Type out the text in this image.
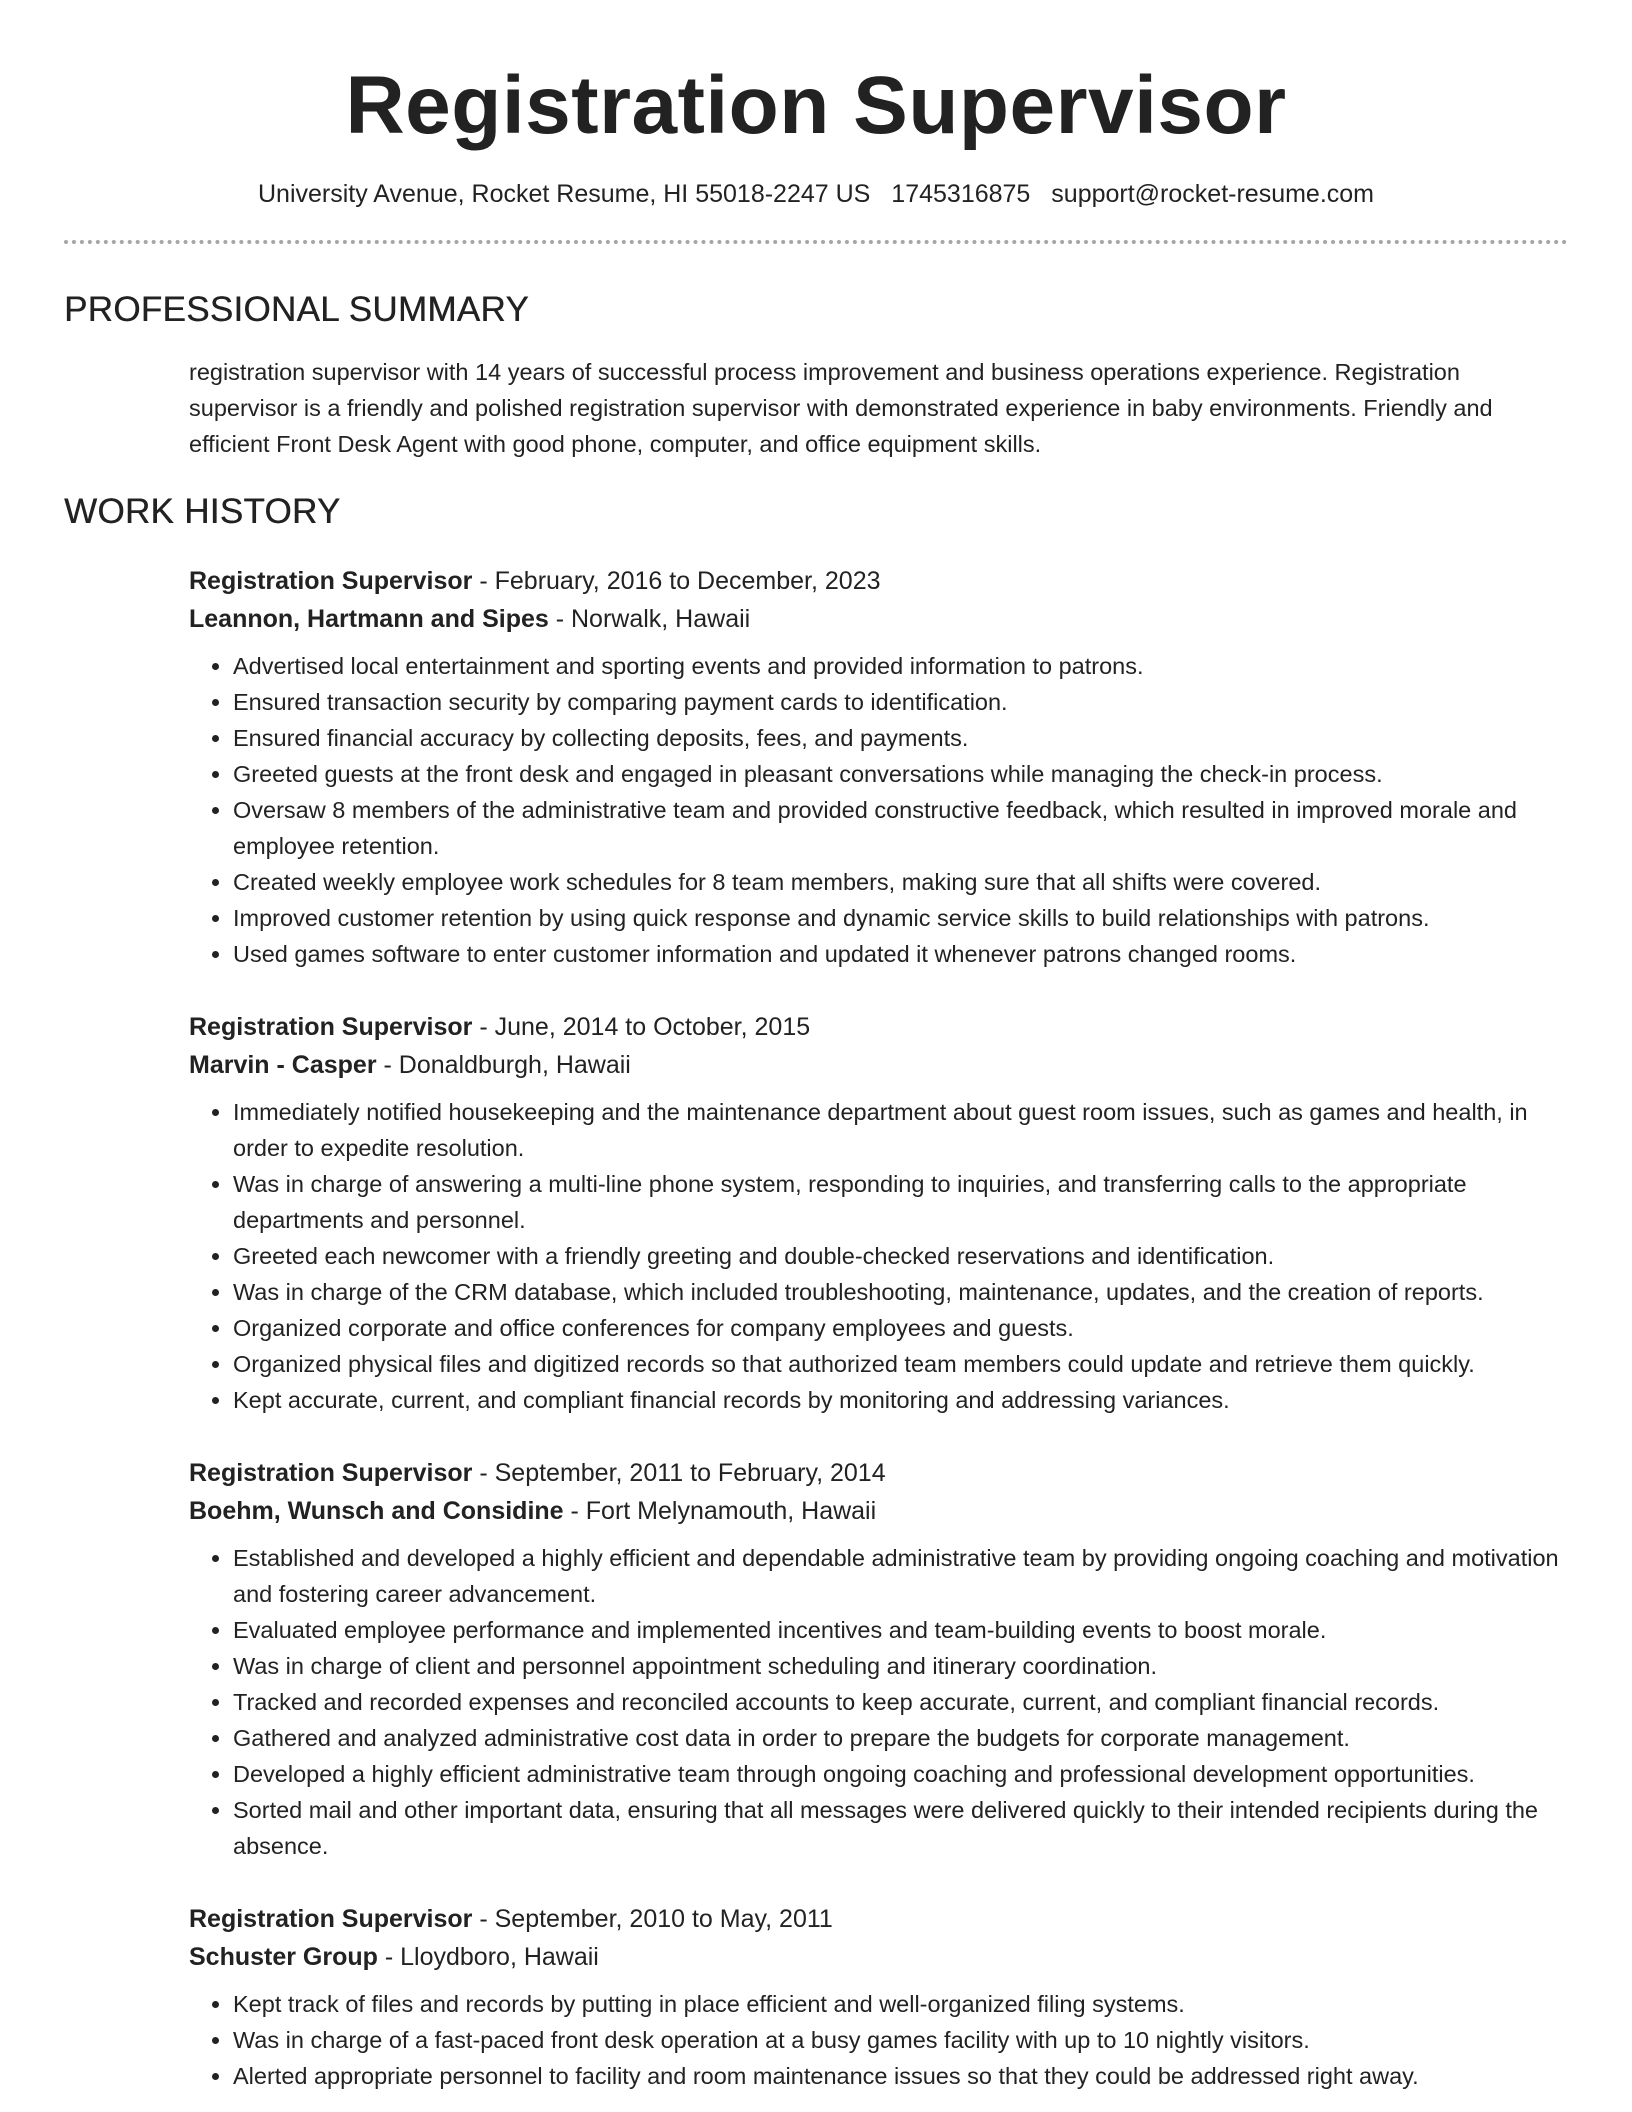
Registration Supervisor
University Avenue, Rocket Resume, HI 55018-2247 US 1745316875 support@rocket-resume.com
PROFESSIONAL SUMMARY

registration supervisor with 14 years of successful process improvement and business operations experience. Registration supervisor is a friendly and polished registration supervisor with demonstrated experience in baby environments. Friendly and efficient Front Desk Agent with good phone, computer, and office equipment skills.

WORK HISTORY
Registration Supervisor - February, 2016 to December, 2023
Leannon, Hartmann and Sipes - Norwalk, Hawaii
• Advertised local entertainment and sporting events and provided information to patrons.
• Ensured transaction security by comparing payment cards to identification.
• Ensured financial accuracy by collecting deposits, fees, and payments.
• Greeted guests at the front desk and engaged in pleasant conversations while managing the check-in process.
• Oversaw 8 members of the administrative team and provided constructive feedback, which resulted in improved morale and employee retention.
• Created weekly employee work schedules for 8 team members, making sure that all shifts were covered.
• Improved customer retention by using quick response and dynamic service skills to build relationships with patrons.
• Used games software to enter customer information and updated it whenever patrons changed rooms.
Registration Supervisor - June, 2014 to October, 2015
Marvin - Casper - Donaldburgh, Hawaii
• Immediately notified housekeeping and the maintenance department about guest room issues, such as games and health, in order to expedite resolution.
• Was in charge of answering a multi-line phone system, responding to inquiries, and transferring calls to the appropriate departments and personnel.
• Greeted each newcomer with a friendly greeting and double-checked reservations and identification.
• Was in charge of the CRM database, which included troubleshooting, maintenance, updates, and the creation of reports.
• Organized corporate and office conferences for company employees and guests.
• Organized physical files and digitized records so that authorized team members could update and retrieve them quickly.
• Kept accurate, current, and compliant financial records by monitoring and addressing variances.
Registration Supervisor - September, 2011 to February, 2014
Boehm, Wunsch and Considine - Fort Melynamouth, Hawaii
• Established and developed a highly efficient and dependable administrative team by providing ongoing coaching and motivation and fostering career advancement.
• Evaluated employee performance and implemented incentives and team-building events to boost morale.
• Was in charge of client and personnel appointment scheduling and itinerary coordination.
• Tracked and recorded expenses and reconciled accounts to keep accurate, current, and compliant financial records.
• Gathered and analyzed administrative cost data in order to prepare the budgets for corporate management.
• Developed a highly efficient administrative team through ongoing coaching and professional development opportunities.
• Sorted mail and other important data, ensuring that all messages were delivered quickly to their intended recipients during the absence.
Registration Supervisor - September, 2010 to May, 2011
Schuster Group - Lloydboro, Hawaii
• Kept track of files and records by putting in place efficient and well-organized filing systems.
• Was in charge of a fast-paced front desk operation at a busy games facility with up to 10 nightly visitors.
• Alerted appropriate personnel to facility and room maintenance issues so that they could be addressed right away.
